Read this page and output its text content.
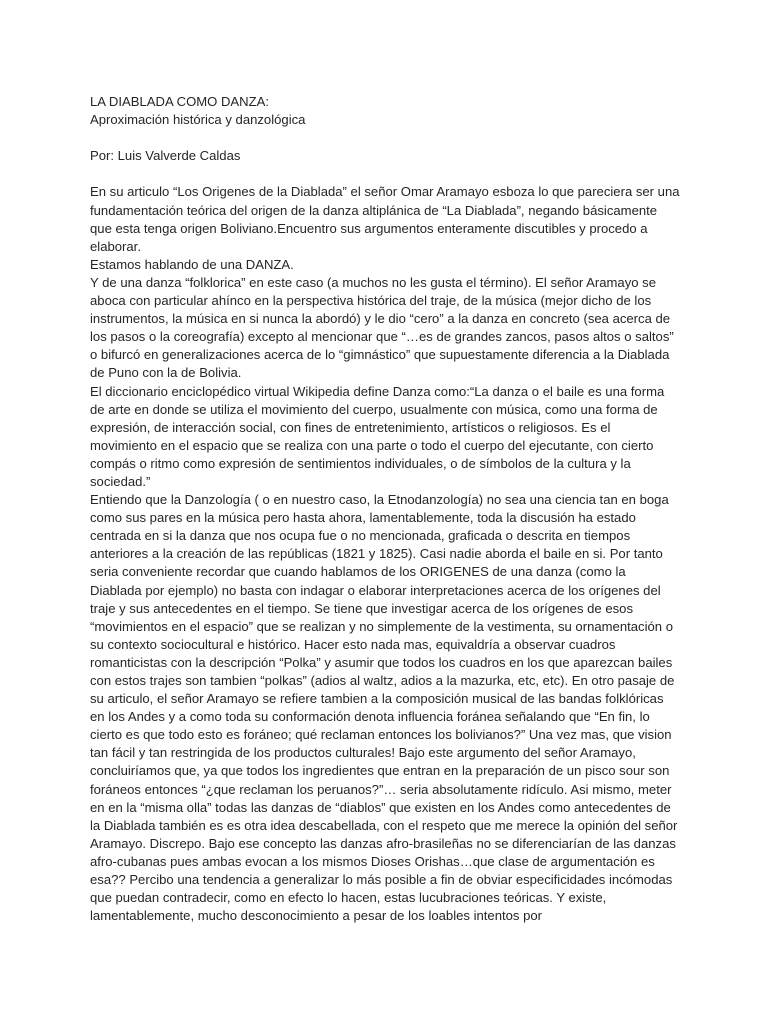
LA DIABLADA COMO DANZA:

Aproximación histórica y danzológica

Por: Luis Valverde Caldas

En su articulo “Los Origenes de la Diablada” el señor Omar Aramayo esboza lo que pareciera ser una fundamentación teórica del origen de la danza altiplánica de “La Diablada”, negando básicamente que esta tenga origen Boliviano.Encuentro sus argumentos enteramente discutibles y procedo a elaborar.

Estamos hablando de una DANZA.

Y de una danza “folklorica” en este caso (a muchos no les gusta el término). El señor Aramayo se aboca con particular ahínco en la perspectiva histórica del traje, de la música (mejor dicho de los instrumentos, la música en si nunca la abordó) y le dio “cero” a la danza en concreto (sea acerca de los pasos o la coreografía) excepto al mencionar que “…es de grandes zancos, pasos altos o saltos” o bifurcó en generalizaciones acerca de lo “gimnástico” que supuestamente diferencia a la Diablada de Puno con la de Bolivia.

El diccionario enciclopédico virtual Wikipedia define Danza como:“La danza o el baile es una forma de arte en donde se utiliza el movimiento del cuerpo, usualmente con música, como una forma de expresión, de interacción social, con fines de entretenimiento, artísticos o religiosos. Es el movimiento en el espacio que se realiza con una parte o todo el cuerpo del ejecutante, con cierto compás o ritmo como expresión de sentimientos individuales, o de símbolos de la cultura y la sociedad.”

Entiendo que la Danzología ( o en nuestro caso, la Etnodanzología) no sea una ciencia tan en boga como sus pares en la música pero hasta ahora, lamentablemente, toda la discusión ha estado centrada en si la danza que nos ocupa fue o no mencionada, graficada o descrita en tiempos anteriores a la creación de las repúblicas (1821 y 1825). Casi nadie aborda el baile en si. Por tanto seria conveniente recordar que cuando hablamos de los ORIGENES de una danza (como la Diablada por ejemplo) no basta con indagar o elaborar interpretaciones acerca de los orígenes del traje y sus antecedentes en el tiempo. Se tiene que investigar acerca de los orígenes de esos “movimientos en el espacio” que se realizan y no simplemente de la vestimenta, su ornamentación o su contexto sociocultural e histórico. Hacer esto nada mas, equivaldría a observar cuadros romanticistas con la descripción “Polka” y asumir que todos los cuadros en los que aparezcan bailes con estos trajes son tambien “polkas” (adios al waltz, adios a la mazurka, etc, etc). En otro pasaje de su articulo, el señor Aramayo se refiere tambien a la composición musical de las bandas folklóricas en los Andes y a como toda su conformación denota influencia foránea señalando que “En fin, lo cierto es que todo esto es foráneo; qué reclaman entonces los bolivianos?” Una vez mas, que vision tan fácil y tan restringida de los productos culturales! Bajo este argumento del señor Aramayo, concluiríamos que, ya que todos los ingredientes que entran en la preparación de un pisco sour son foráneos entonces “¿que reclaman los peruanos?”… seria absolutamente ridículo. Asi mismo, meter en en la “misma olla” todas las danzas de “diablos” que existen en los Andes como antecedentes de la Diablada también es es otra idea descabellada, con el respeto que me merece la opinión del señor Aramayo. Discrepo. Bajo ese concepto las danzas afro-brasileñas no se diferenciarían de las danzas afro-cubanas pues ambas evocan a los mismos Dioses Orishas…que clase de argumentación es esa?? Percibo una tendencia a generalizar lo más posible a fin de obviar especificidades incómodas que puedan contradecir, como en efecto lo hacen, estas lucubraciones teóricas. Y existe, lamentablemente, mucho desconocimiento a pesar de los loables intentos por
